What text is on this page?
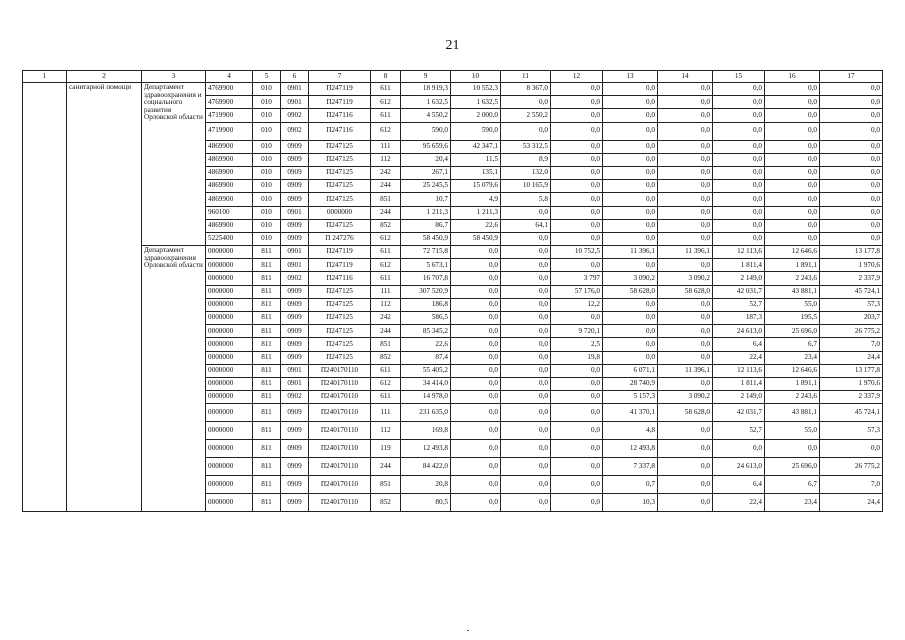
21
1	2	3	4	5	6	7	8	9	10	11	12	13	14	15	16	17
	санитарной помощи	Департамент здравоохранения и социального развития Орловской области	4769900	010	0901	П247119	611	18 919,3	10 552,3	8 367,0	0,0	0,0	0,0	0,0	0,0	0,0
			4769900	010	0901	П247119	612	1 632,5	1 632,5	0,0	0,0	0,0	0,0	0,0	0,0	0,0
			4719900	010	0902	П247116	611	4 550,2	2 000,0	2 550,2	0,0	0,0	0,0	0,0	0,0	0,0
			4719900	010	0902	П247116	612	590,0	590,0	0,0	0,0	0,0	0,0	0,0	0,0	0,0
			4869900	010	0909	П247125	111	95 659,6	42 347,1	53 312,5	0,0	0,0	0,0	0,0	0,0	0,0
			4869900	010	0909	П247125	112	20,4	11,5	8,9	0,0	0,0	0,0	0,0	0,0	0,0
			4869900	010	0909	П247125	242	267,1	135,1	132,0	0,0	0,0	0,0	0,0	0,0	0,0
			4869900	010	0909	П247125	244	25 245,5	15 079,6	10 165,9	0,0	0,0	0,0	0,0	0,0	0,0
			4869900	010	0909	П247125	851	10,7	4,9	5,8	0,0	0,0	0,0	0,0	0,0	0,0
			960100	010	0901	0000000	244	1 211,3	1 211,3	0,0	0,0	0,0	0,0	0,0	0,0	0,0
			4869900	010	0909	П247125	852	86,7	22,6	64,1	0,0	0,0	0,0	0,0	0,0	0,0
			5225400	010	0909	П 247276	612	58 450,9	58 450,9	0,0	0,0	0,0	0,0	0,0	0,0	0,0
		Департамент здравоохранения Орловской области	0000000	811	0901	П247119	611	72 715,8	0,0	0,0	10 752,5	11 396,1	11 396,1	12 113,6	12 646,6	13 177,8
			0000000	811	0901	П247119	612	5 673,1	0,0	0,0	0,0	0,0	0,0	1 811,4	1 891,1	1 970,6
			0000000	811	0902	П247116	611	16 707,8	0,0	0,0	3 797	3 090,2	3 090,2	2 149,0	2 243,6	2 337,9
			0000000	811	0909	П247125	111	307 520,9	0,0	0,0	57 176,0	58 628,0	58 628,0	42 031,7	43 881,1	45 724,1
			0000000	811	0909	П247125	112	186,8	0,0	0,0	12,2	0,0	0,0	52,7	55,0	57,3
			0000000	811	0909	П247125	242	586,5	0,0	0,0	0,0	0,0	0,0	187,3	195,5	203,7
			0000000	811	0909	П247125	244	85 345,2	0,0	0,0	9 720,1	0,0	0,0	24 613,0	25 696,0	26 775,2
			0000000	811	0909	П247125	851	22,6	0,0	0,0	2,5	0,0	0,0	6,4	6,7	7,0
			0000000	811	0909	П247125	852	87,4	0,0	0,0	19,8	0,0	0,0	22,4	23,4	24,4
			0000000	811	0901	П240170110	611	55 405,2	0,0	0,0	0,0	6 071,1	11 396,1	12 113,6	12 646,6	13 177,8
			0000000	811	0901	П240170110	612	34 414,0	0,0	0,0	0,0	28 740,9	0,0	1 811,4	1 891,1	1 970,6
			0000000	811	0902	П240170110	611	14 978,0	0,0	0,0	0,0	5 157,3	3 090,2	2 149,0	2 243,6	2 337,9
			0000000	811	0909	П240170110	111	231 635,0	0,0	0,0	0,0	41 370,1	58 628,0	42 031,7	43 881,1	45 724,1
			0000000	811	0909	П240170110	112	169,8	0,0	0,0	0,0	4,8	0,0	52,7	55,0	57,3
			0000000	811	0909	П240170110	119	12 493,8	0,0	0,0	0,0	12 493,8	0,0	0,0	0,0	0,0
			0000000	811	0909	П240170110	244	84 422,0	0,0	0,0	0,0	7 337,8	0,0	24 613,0	25 696,0	26 775,2
			0000000	811	0909	П240170110	851	20,8	0,0	0,0	0,0	0,7	0,0	6,4	6,7	7,0
			0000000	811	0909	П240170110	852	80,5	0,0	0,0	0,0	10,3	0,0	22,4	23,4	24,4
